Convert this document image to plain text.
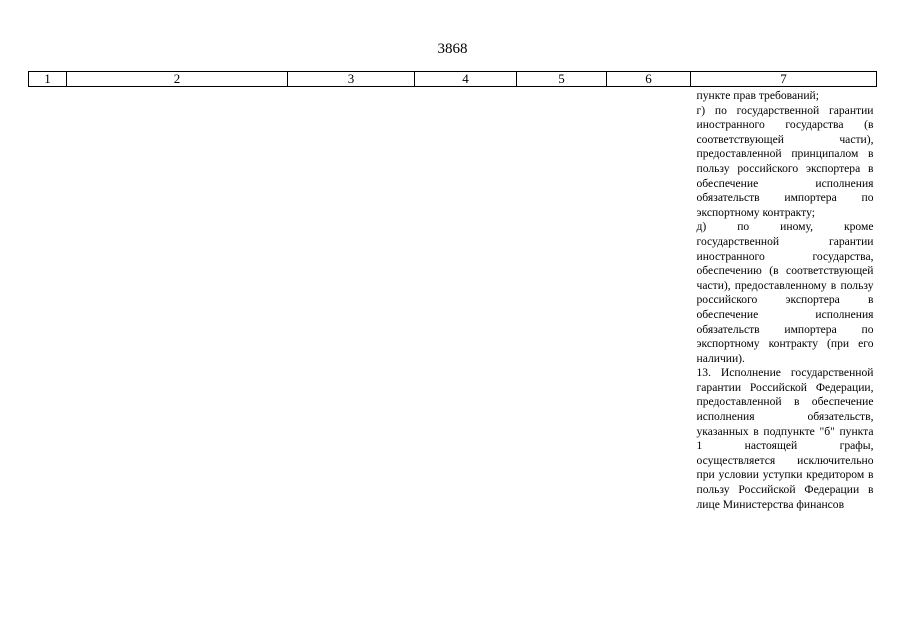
3868
1	2	3	4	5	6	7

						пункте прав требований;
г) по государственной гарантии иностранного государства (в соответствующей части), предоставленной принципалом в пользу российского экспортера в обеспечение исполнения обязательств импортера по экспортному контракту;
д) по иному, кроме государственной гарантии иностранного государства, обеспечению (в соответствующей части), предоставленному в пользу российского экспортера в обеспечение исполнения обязательств импортера по экспортному контракту (при его наличии).
13. Исполнение государственной гарантии Российской Федерации, предоставленной в обеспечение исполнения обязательств, указанных в подпункте "б" пункта 1 настоящей графы, осуществляется исключительно при условии уступки кредитором в пользу Российской Федерации в лице Министерства финансов
